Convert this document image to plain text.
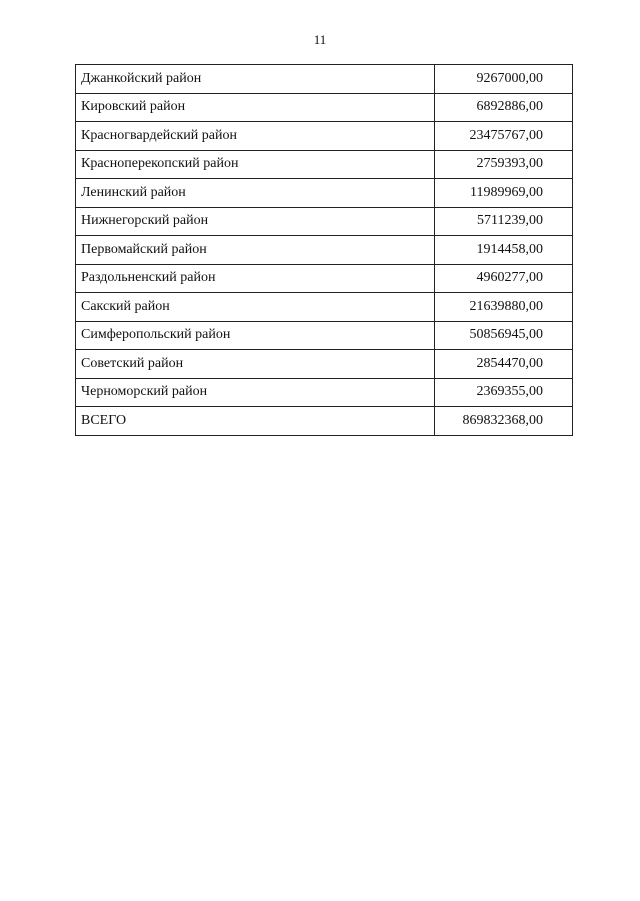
11
Джанкойский район	9267000,00
Кировский район	6892886,00
Красногвардейский район	23475767,00
Красноперекопский район	2759393,00
Ленинский район	11989969,00
Нижнегорский район	5711239,00
Первомайский район	1914458,00
Раздольненский район	4960277,00
Сакский район	21639880,00
Симферопольский район	50856945,00
Советский район	2854470,00
Черноморский район	2369355,00
ВСЕГО	869832368,00
